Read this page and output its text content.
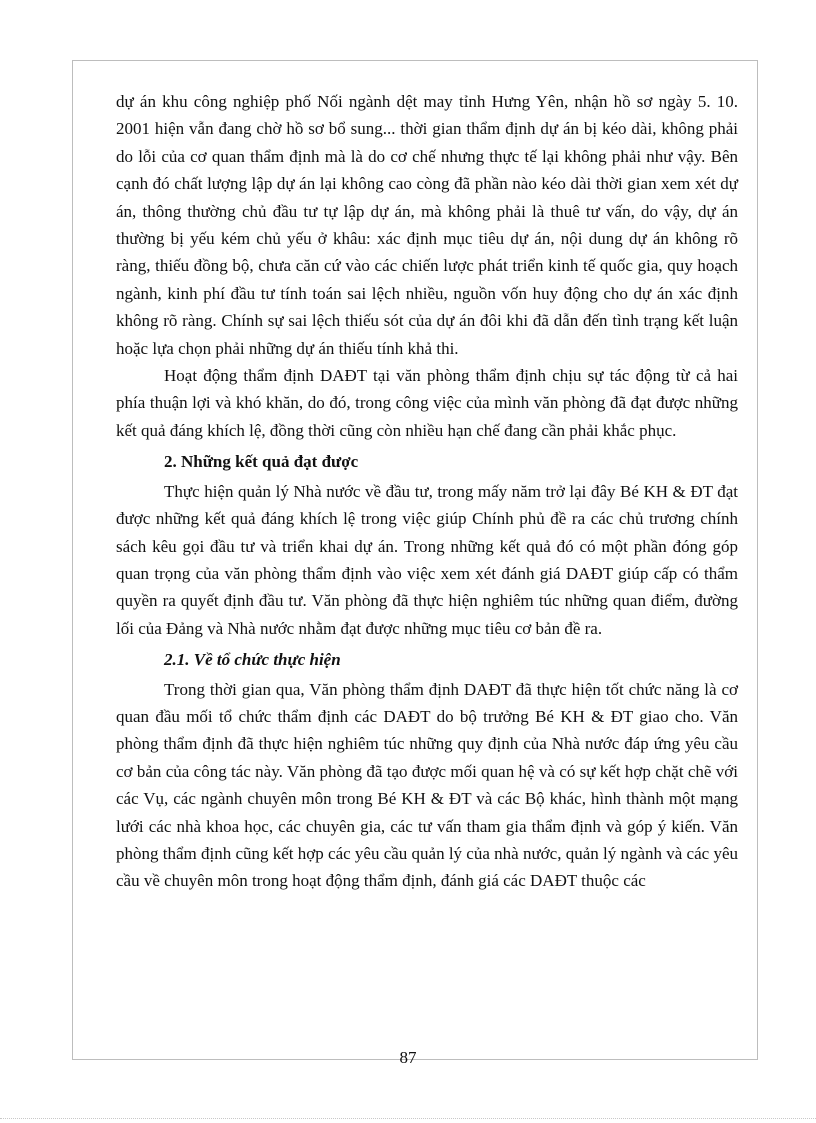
dự án khu công nghiệp phố Nối ngành dệt may tỉnh Hưng Yên, nhận hồ sơ ngày 5. 10. 2001 hiện vẫn đang chờ hồ sơ bổ sung... thời gian thẩm định dự án bị kéo dài, không phải do lỗi của cơ quan thẩm định mà là do cơ chế nhưng thực tế lại không phải như vậy. Bên cạnh đó chất lượng lập dự án lại không cao còng đã phần nào kéo dài thời gian xem xét dự án, thông thường chủ đầu tư tự lập dự án, mà không phải là thuê tư vấn, do vậy, dự án thường bị yếu kém chủ yếu ở khâu: xác định mục tiêu dự án, nội dung dự án không rõ ràng, thiếu đồng bộ, chưa căn cứ vào các chiến lược phát triển kinh tế quốc gia, quy hoạch ngành, kinh phí đầu tư tính toán sai lệch nhiều, nguồn vốn huy động cho dự án xác định không rõ ràng. Chính sự sai lệch thiếu sót của dự án đôi khi đã dẫn đến tình trạng kết luận hoặc lựa chọn phải những dự án thiếu tính khả thi.

Hoạt động thẩm định DAĐT tại văn phòng thẩm định chịu sự tác động từ cả hai phía thuận lợi và khó khăn, do đó, trong công việc của mình văn phòng đã đạt được những kết quả đáng khích lệ, đồng thời cũng còn nhiều hạn chế đang cần phải khắc phục.

2. Những kết quả đạt được

Thực hiện quản lý Nhà nước về đầu tư, trong mấy năm trở lại đây Bé KH & ĐT đạt được những kết quả đáng khích lệ trong việc giúp Chính phủ đề ra các chủ trương chính sách kêu gọi đầu tư và triển khai dự án. Trong những kết quả đó có một phần đóng góp quan trọng của văn phòng thẩm định vào việc xem xét đánh giá DAĐT giúp cấp có thẩm quyền ra quyết định đầu tư. Văn phòng đã thực hiện nghiêm túc những quan điểm, đường lối của Đảng và Nhà nước nhằm đạt được những mục tiêu cơ bản đề ra.

2.1. Về tổ chức thực hiện

Trong thời gian qua, Văn phòng thẩm định DAĐT đã thực hiện tốt chức năng là cơ quan đầu mối tổ chức thẩm định các DAĐT do bộ trưởng Bé KH & ĐT giao cho. Văn phòng thẩm định đã thực hiện nghiêm túc những quy định của Nhà nước đáp ứng yêu cầu cơ bản của công tác này. Văn phòng đã tạo được mối quan hệ và có sự kết hợp chặt chẽ với các Vụ, các ngành chuyên môn trong Bé KH & ĐT và các Bộ khác, hình thành một mạng lưới các nhà khoa học, các chuyên gia, các tư vấn tham gia thẩm định và góp ý kiến. Văn phòng thẩm định cũng kết hợp các yêu cầu quản lý của nhà nước, quản lý ngành và các yêu cầu về chuyên môn trong hoạt động thẩm định, đánh giá các DAĐT thuộc các

87
